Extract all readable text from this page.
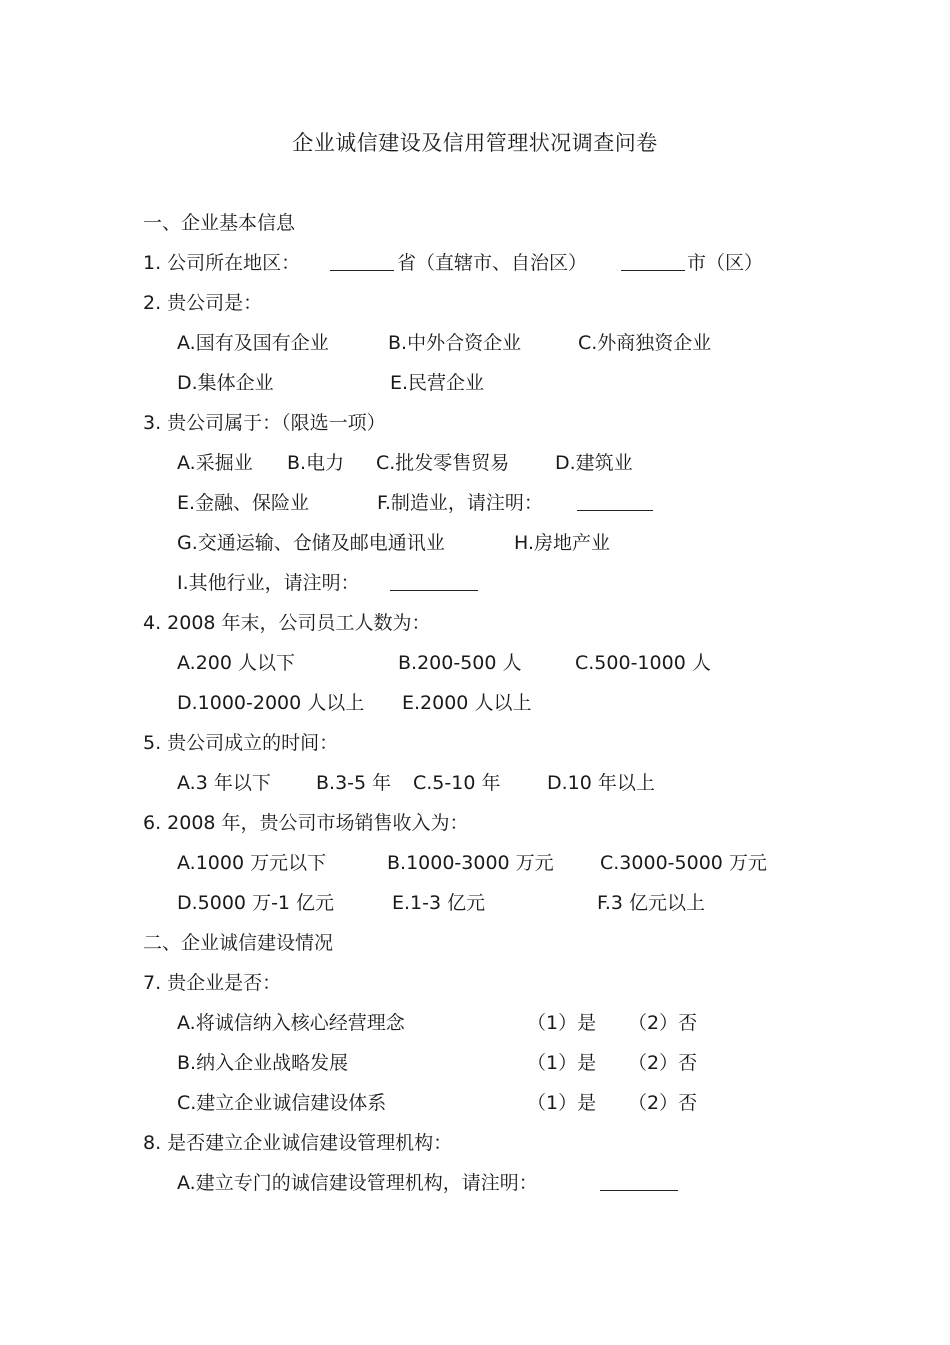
企业诚信建设及信用管理状况调查问卷
一、企业基本信息
1. 公司所在地区：	省（直辖市、自治区）	市（区）
2. 贵公司是：
A.国有及国有企业	B.中外合资企业	C.外商独资企业
D.集体企业	E.民营企业
3. 贵公司属于：（限选一项）
A.采掘业 B.电力 C.批发零售贸易 D.建筑业
E.金融、保险业	F.制造业，请注明：
G.交通运输、仓储及邮电通讯业	H.房地产业
I.其他行业，请注明：
4. 2008 年末，公司员工人数为：
A.200 人以下	B.200-500 人	C.500-1000 人
D.1000-2000 人以上 E.2000 人以上
5. 贵公司成立的时间：
A.3 年以下 B.3-5 年 C.5-10 年 D.10 年以上
6. 2008 年，贵公司市场销售收入为：
A.1000 万元以下	B.1000-3000 万元 C.3000-5000 万元
D.5000 万-1 亿元	E.1-3 亿元	F.3 亿元以上
二、企业诚信建设情况
7. 贵企业是否：
A.将诚信纳入核心经营理念	（1）是 （2）否
B.纳入企业战略发展	（1）是 （2）否
C.建立企业诚信建设体系	（1）是 （2）否
8. 是否建立企业诚信建设管理机构：
A.建立专门的诚信建设管理机构，请注明：
